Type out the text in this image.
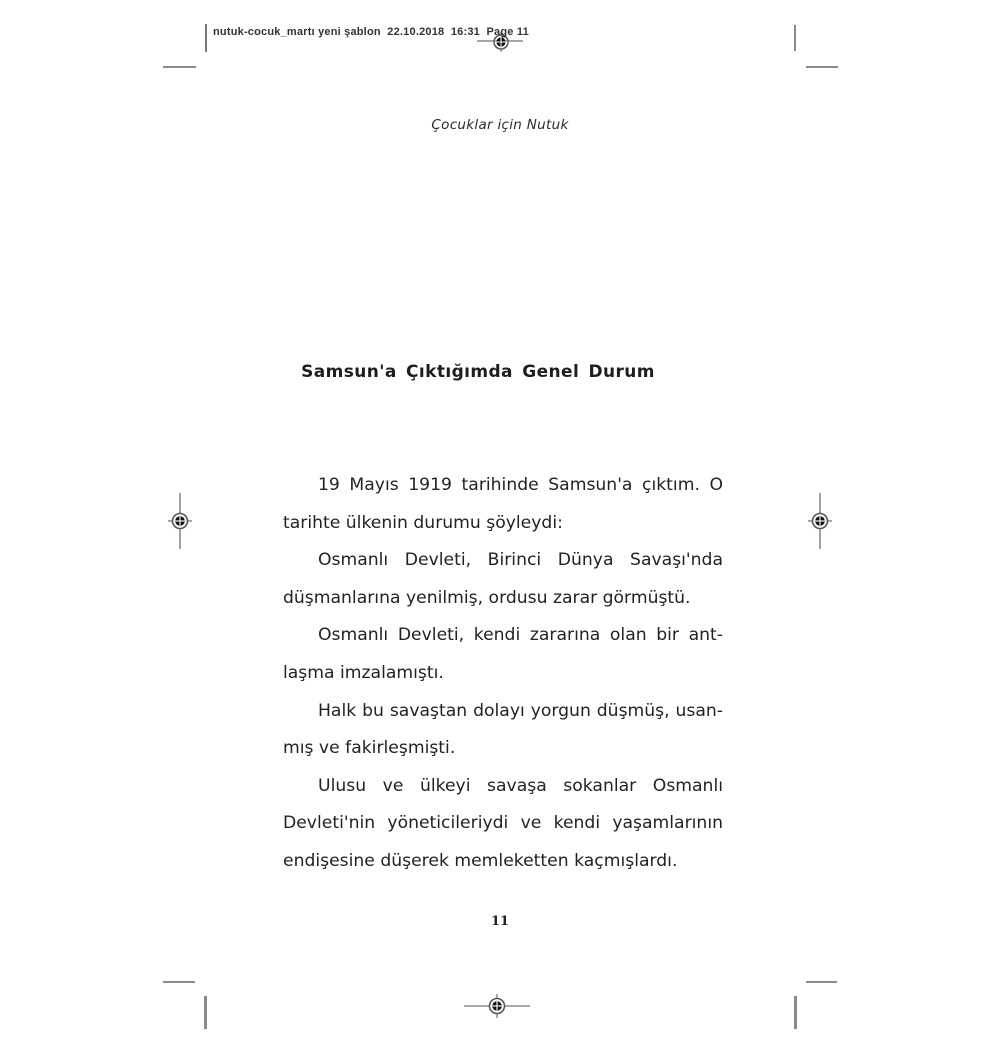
nutuk-cocuk_martı yeni şablon  22.10.2018  16:31  Page 11
Çocuklar için Nutuk
Samsun'a Çıktığımda Genel Durum

19 Mayıs 1919 tarihinde Samsun'a çıktım. O
tarihte ülkenin durumu şöyleydi:

Osmanlı Devleti, Birinci Dünya Savaşı'nda
düşmanlarına yenilmiş, ordusu zarar görmüştü.

Osmanlı Devleti, kendi zararına olan bir ant-
laşma imzalamıştı.

Halk bu savaştan dolayı yorgun düşmüş, usan-
mış ve fakirleşmişti.

Ulusu ve ülkeyi savaşa sokanlar Osmanlı
Devleti'nin yöneticileriydi ve kendi yaşamlarının
endişesine düşerek memleketten kaçmışlardı.

11
